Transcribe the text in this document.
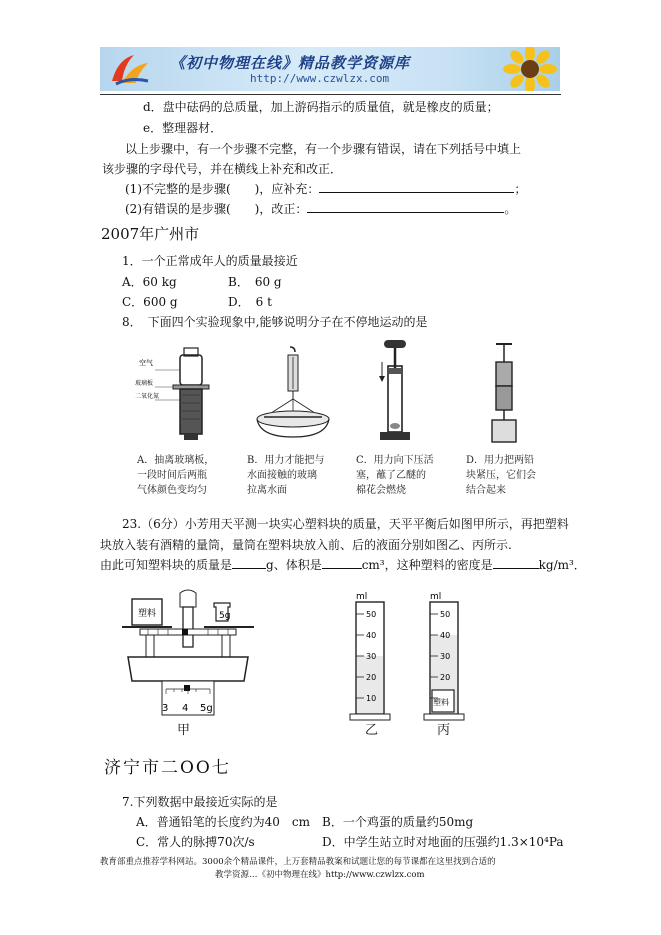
《初中物理在线》精品教学资源库
http://www.czwlzx.com
d．盘中砝码的总质量，加上游码指示的质量值，就是橡皮的质量；
e．整理器材．
以上步骤中，有一个步骤不完整，有一个步骤有错误，请在下列括号中填上
该步骤的字母代号，并在横线上补充和改正．
(1)不完整的是步骤(　　)，应补充：	；
(2)有错误的是步骤(　　)，改正：	。
2007年广州市
1．一个正常成年人的质量最接近
A．60 kg	B．　60 g
C．600 g	D．　6 t
8．　下面四个实验现象中,能够说明分子在不停地运动的是
空气
玻璃板
二氧化氮
A．抽离玻璃板，一段时间后两瓶气体颜色变均匀
B．用力才能把与水面接触的玻璃拉离水面
C．用力向下压活塞，蘸了乙醚的棉花会燃烧
D．用力把两铅块紧压，它们会结合起来
23.（6分）小芳用天平测一块实心塑料块的质量，天平平衡后如图甲所示，再把塑料
块放入装有酒精的量筒，量筒在塑料块放入前、后的液面分别如图乙、丙所示.
由此可知塑料块的质量是	g、体积是	cm³，这种塑料的密度是	kg/m³．
塑料	5g
3 4 5g
甲
ml
50
40
30
20
10
乙
塑料
ml
50
40
30
20
丙
济宁市二OO七
7.下列数据中最接近实际的是
A．普通铅笔的长度约为40　cm B．一个鸡蛋的质量约50mg
C．常人的脉搏70次/s	D．中学生站立时对地面的压强约1.3×10⁴Pa
教育部重点推荐学科网站。3000余个精品课件，上万套精品教案和试题让您的每节课都在这里找到合适的
教学资源…《初中物理在线》http://www.czwlzx.com
